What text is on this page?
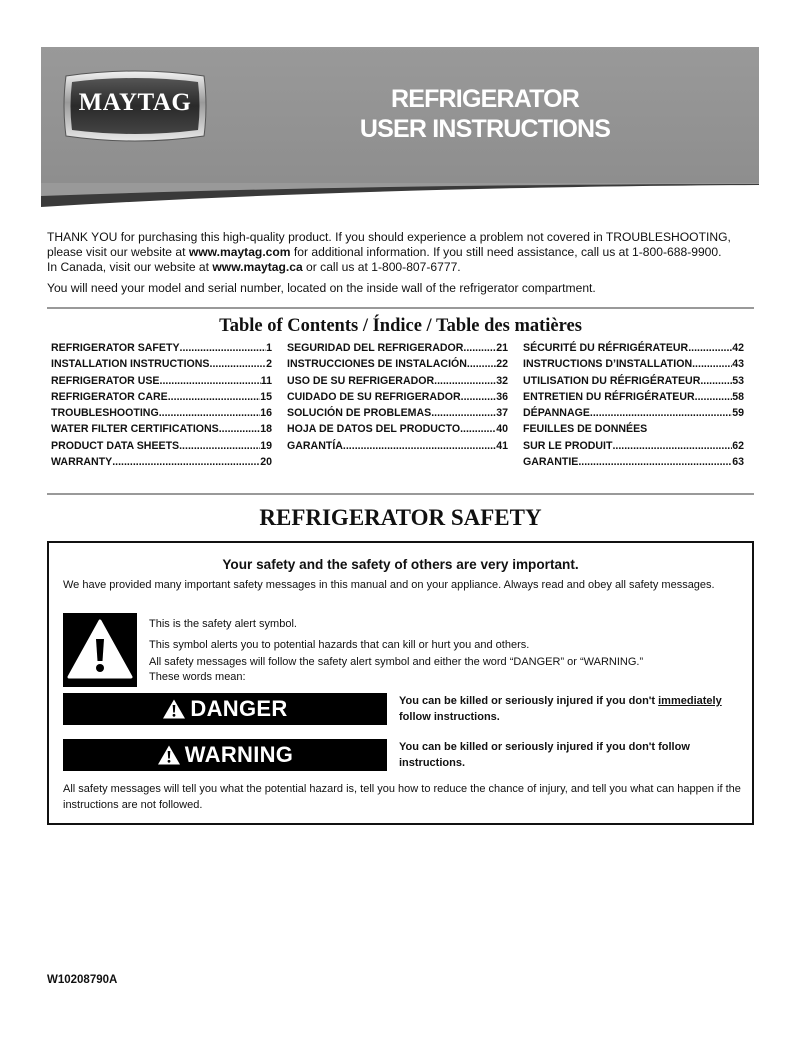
MAYTAG	REFRIGERATOR
USER INSTRUCTIONS

THANK YOU for purchasing this high-quality product. If you should experience a problem not covered in TROUBLESHOOTING, please visit our website at www.maytag.com for additional information. If you still need assistance, call us at 1-800-688-9900.
In Canada, visit our website at www.maytag.ca or call us at 1-800-807-6777.

You will need your model and serial number, located on the inside wall of the refrigerator compartment.

Table of Contents / Índice / Table des matières
REFRIGERATOR SAFETY .....	1
INSTALLATION INSTRUCTIONS .....	2
REFRIGERATOR USE .....	11
REFRIGERATOR CARE .....	15
TROUBLESHOOTING .....	16
WATER FILTER CERTIFICATIONS .....	18
PRODUCT DATA SHEETS .....	19
WARRANTY .....	20
SEGURIDAD DEL REFRIGERADOR .....	21
INSTRUCCIONES DE INSTALACIÓN .....	22
USO DE SU REFRIGERADOR .....	32
CUIDADO DE SU REFRIGERADOR .....	36
SOLUCIÓN DE PROBLEMAS .....	37
HOJA DE DATOS DEL PRODUCTO .....	40
GARANTÍA .....	41
SÉCURITÉ DU RÉFRIGÉRATEUR .....	42
INSTRUCTIONS D’INSTALLATION .....	43
UTILISATION DU RÉFRIGÉRATEUR .....	53
ENTRETIEN DU RÉFRIGÉRATEUR .....	58
DÉPANNAGE .....	59
FEUILLES DE DONNÉES
SUR LE PRODUIT .....	62
GARANTIE .....	63
REFRIGERATOR SAFETY
Your safety and the safety of others are very important.
We have provided many important safety messages in this manual and on your appliance. Always read and obey all safety messages.
This is the safety alert symbol.
This symbol alerts you to potential hazards that can kill or hurt you and others.
All safety messages will follow the safety alert symbol and either the word “DANGER” or “WARNING.”
These words mean:
DANGER	You can be killed or seriously injured if you don't immediately follow instructions.
WARNING	You can be killed or seriously injured if you don't follow instructions.
All safety messages will tell you what the potential hazard is, tell you how to reduce the chance of injury, and tell you what can happen if the instructions are not followed.
W10208790A
